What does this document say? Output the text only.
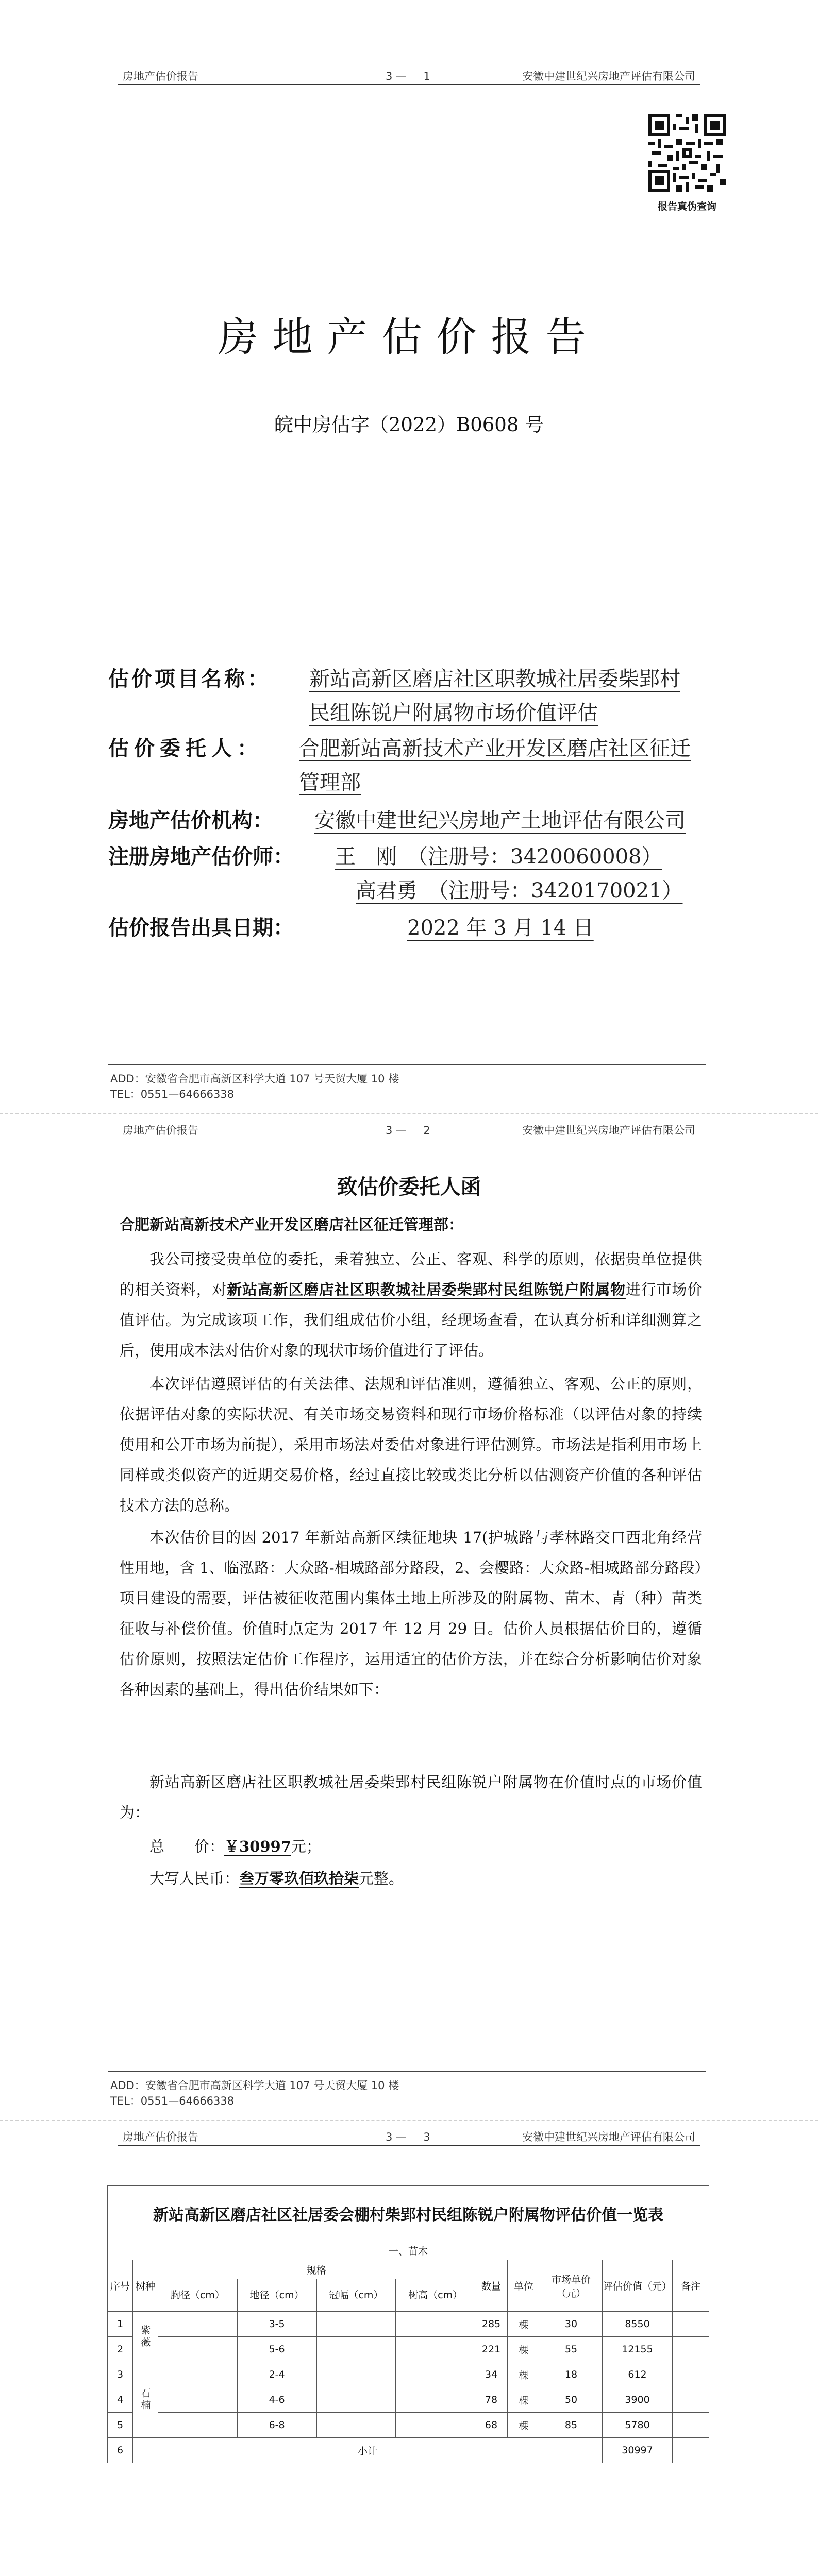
房地产估价报告	3—　1	安徽中建世纪兴房地产评估有限公司
报告真伪查询
房地产估价报告
皖中房估字（2022）B0608 号
估价项目名称： 新站高新区磨店社区职教城社居委柴郢村
民组陈锐户附属物市场价值评估
估价委托人： 合肥新站高新技术产业开发区磨店社区征迁
管理部
房地产估价机构： 安徽中建世纪兴房地产土地评估有限公司
注册房地产估价师： 王　刚　（注册号：3420060008）
高君勇　（注册号：3420170021）
估价报告出具日期：	2022 年 3 月 14 日
ADD：安徽省合肥市高新区科学大道 107 号天贸大厦 10 楼
TEL：0551—64666338
房地产估价报告	3—　2	安徽中建世纪兴房地产评估有限公司
致估价委托人函
合肥新站高新技术产业开发区磨店社区征迁管理部：
我公司接受贵单位的委托，秉着独立、公正、客观、科学的原则，依据贵单位提供的相关资料，对新站高新区磨店社区职教城社居委柴郢村民组陈锐户附属物进行市场价值评估。为完成该项工作，我们组成估价小组，经现场查看，在认真分析和详细测算之后，使用成本法对估价对象的现状市场价值进行了评估。
本次评估遵照评估的有关法律、法规和评估准则，遵循独立、客观、公正的原则，依据评估对象的实际状况、有关市场交易资料和现行市场价格标准（以评估对象的持续使用和公开市场为前提），采用市场法对委估对象进行评估测算。市场法是指利用市场上同样或类似资产的近期交易价格，经过直接比较或类比分析以估测资产价值的各种评估技术方法的总称。
本次估价目的因 2017 年新站高新区续征地块 17(护城路与孝林路交口西北角经营性用地，含 1、临泓路：大众路-相城路部分路段，2、会樱路：大众路-相城路部分路段）项目建设的需要，评估被征收范围内集体土地上所涉及的附属物、苗木、青（种）苗类征收与补偿价值。价值时点定为 2017 年 12 月 29 日。估价人员根据估价目的，遵循估价原则，按照法定估价工作程序，运用适宜的估价方法，并在综合分析影响估价对象各种因素的基础上，得出估价结果如下：
新站高新区磨店社区职教城社居委柴郢村民组陈锐户附属物在价值时点的市场价值为：
总　　价：￥30997元；
大写人民币：叁万零玖佰玖拾柒元整。
ADD：安徽省合肥市高新区科学大道 107 号天贸大厦 10 楼
TEL：0551—64666338
房地产估价报告	3—　3	安徽中建世纪兴房地产评估有限公司
新站高新区磨店社区社居委会棚村柴郢村民组陈锐户附属物评估价值一览表										
一、苗木										
序号	树种	规格				数量	单位	市场单价（元）	评估价值（元）	备注
		胸径（cm）	地径（cm）	冠幅（cm）	树高（cm）					
1	紫薇		3-5			285	棵	30	8550	
2			5-6			221	棵	55	12155	
3	石楠		2-4			34	棵	18	612	
4			4-6			78	棵	50	3900	
5			6-8			68	棵	85	5780	
6	小计								30997	
